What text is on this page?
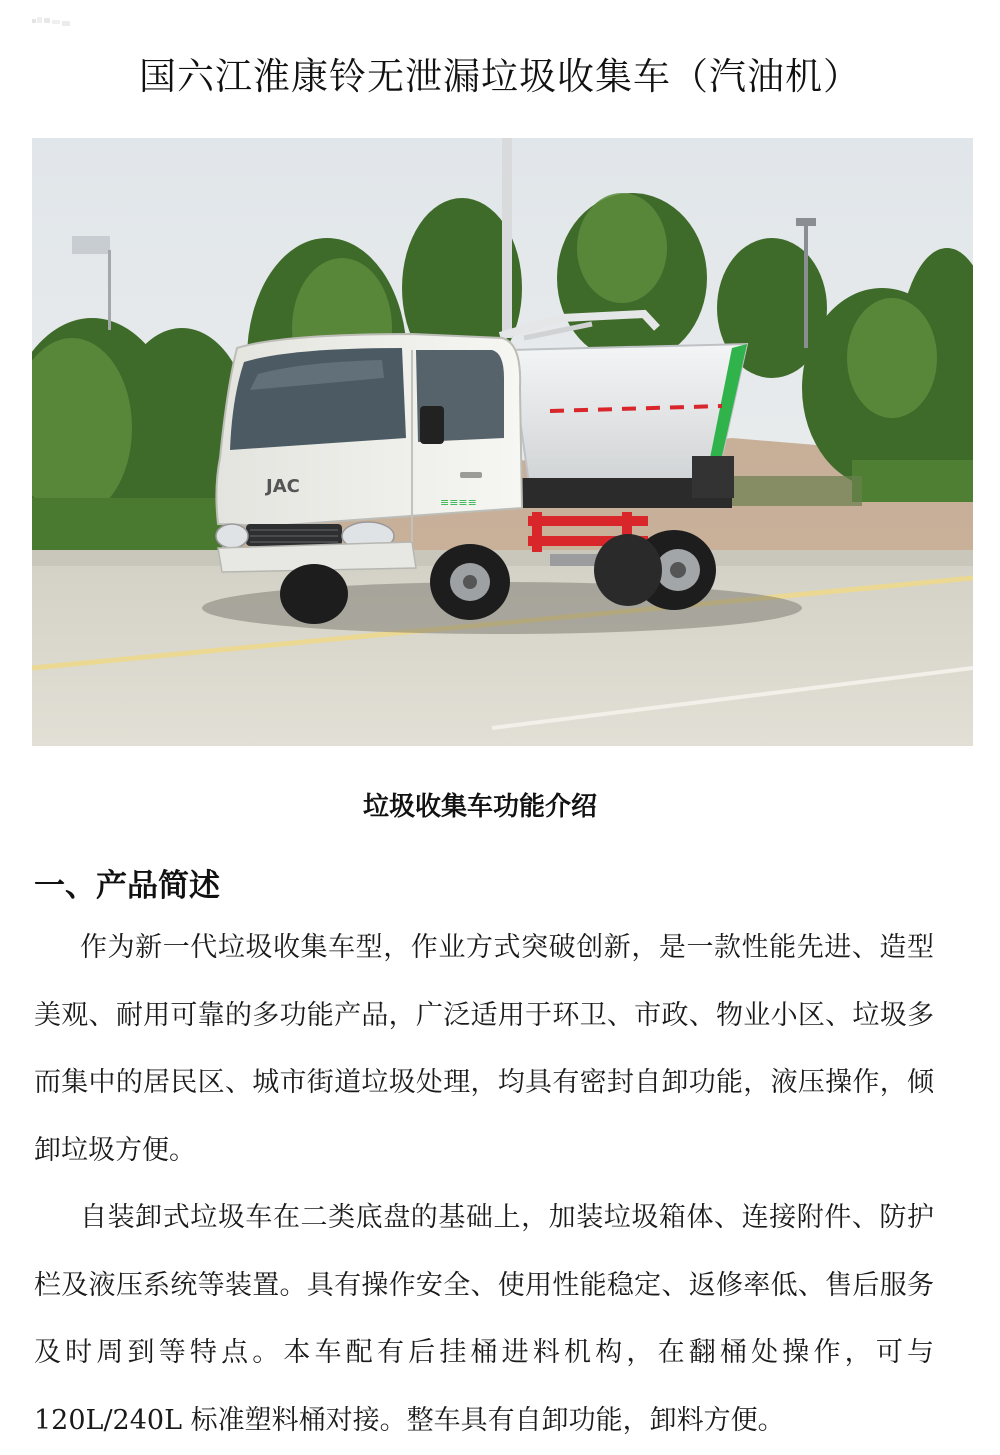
国六江淮康铃无泄漏垃圾收集车（汽油机）
≡≡≡≡
JAC
垃圾收集车功能介绍
一、产品简述

作为新一代垃圾收集车型，作业方式突破创新，是一款性能先进、造型美观、耐用可靠的多功能产品，广泛适用于环卫、市政、物业小区、垃圾多而集中的居民区、城市街道垃圾处理，均具有密封自卸功能，液压操作，倾卸垃圾方便。

自装卸式垃圾车在二类底盘的基础上，加装垃圾箱体、连接附件、防护栏及液压系统等装置。具有操作安全、使用性能稳定、返修率低、售后服务及时周到等特点。本车配有后挂桶进料机构，在翻桶处操作，可与 120L/240L 标准塑料桶对接。整车具有自卸功能，卸料方便。
